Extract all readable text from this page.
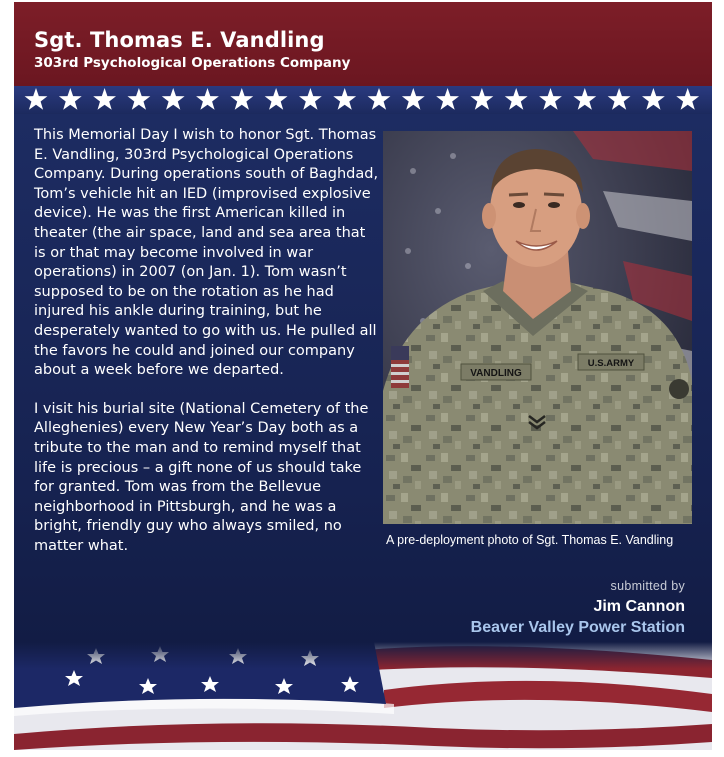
Sgt. Thomas E. Vandling
303rd Psychological Operations Company

This Memorial Day I wish to honor Sgt. Thomas E. Vandling, 303rd Psychological Operations Company. During operations south of Baghdad, Tom’s vehicle hit an IED (improvised explosive device). He was the first American killed in theater (the air space, land and sea area that is or that may become involved in war operations) in 2007 (on Jan. 1). Tom wasn’t supposed to be on the rotation as he had injured his ankle during training, but he desperately wanted to go with us. He pulled all the favors he could and joined our company about a week before we departed.

I visit his burial site (National Cemetery of the Alleghenies) every New Year’s Day both as a tribute to the man and to remind myself that life is precious – a gift none of us should take for granted. Tom was from the Bellevue neighborhood in Pittsburgh, and he was a bright, friendly guy who always smiled, no matter what.

VANDLING
U.S.ARMY
A pre-deployment photo of Sgt. Thomas E. Vandling
submitted by
Jim Cannon
Beaver Valley Power Station
